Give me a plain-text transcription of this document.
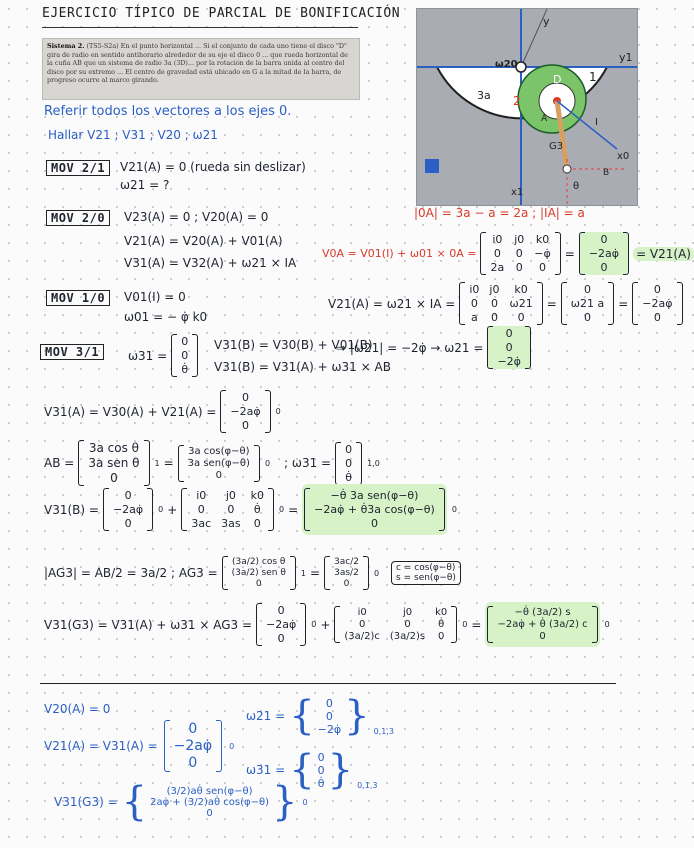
EJERCICIO TÍPICO DE PARCIAL DE BONIFICACIÓN
Sistema 2. (TS5-S2a) En el punto horizontal ... Si el conjunto de cada uno tiene el disco "D" gira de radio en sentido antihorario alrededor de su eje el disco 0 ... que rueda horizontal de la cuña AB que un sistema de radio 3a (3D)... por la rotación de la barra unida al centro del disco por su extremo ... El centro de gravedad está ubicado en G a la mitad de la barra, de progreso ocurre al marco girando.
y
y1
ω20
3a
1
D
2
A	I
G3
θ
B
x0
x1
Referir todos los vectores a los ejes 0.
Hallar V21 ; V31 ; V20 ; ω21
MOV 2/1	V21(A) = 0 (rueda sin deslizar)
ω21 = ?
|0A| = 3a − a = 2a ; |IA| = a
MOV 2/0	V23(A) = 0 ; V20(A) = 0
V21(A) = V20(A) + V01(A)
V31(A) = V32(A) + ω21 × IA
V0A = V01(I) + ω01 × 0A =
i0 j0 k0
0	0 −φ̇
2a 0	0
=
0
−2aφ̇
0
= V21(A)
MOV 1/0	V01(I) = 0
ω01 = − φ̇ k0
V21(A) = ω21 × IA =
i0 j0	k0
0 0 ω21
a 0	0
=
0
ω21 a
0
=
0
−2aφ̇
0
⇒ |ω21| = −2φ̇ → ω21 =
0
0
−2φ̇
MOV 3/1	ω31 =
0
0
θ̇
V31(B) = V30(B) + V01(B)
V31(B) = V31(A) + ω31 × AB
V31(A) = V30(A) + V21(A) =
0
−2aφ̇
0
0
AB =
3a cos θ
3a sen θ
0
1 =
3a cos(φ−θ)
3a sen(φ−θ)
0
0 ; ω31 =
0
0
θ̇
1,0
V31(B) =
0
−2aφ̇
0
0 +
i0	j0	k0
0	0	θ̇
3ac 3as 0
0 =
−θ̇ 3a sen(φ−θ)
−2aφ̇ + θ̇3a cos(φ−θ)
0
0
|AG3| = AB/2 = 3a/2 ; AG3 =
(3a/2) cos θ
(3a/2) sen θ
0
1 =
3ac/2
3as/2
0
0 c = cos(φ−θ)
s = sen(φ−θ)
V31(G3) = V31(A) + ω31 × AG3 =
0
−2aφ̇
0
0 +
i0	j0	k0
0	0	θ̇
(3a/2)c (3a/2)s 0
0 =
−θ̇ (3a/2) s
−2aφ̇ + θ̇ (3a/2) c
0
0
V20(A) = 0
V21(A) = V31(A) =
0
−2aφ̇
0
0
ω21 = {	0
0
−2φ̇ } 0,1,3
ω31 = { 0
0
θ̇ } 0,1,3
V31(G3) = {	(3/2)aθ̇ sen(φ−θ)
2aφ̇ + (3/2)aθ̇ cos(φ−θ)
0	} 0
